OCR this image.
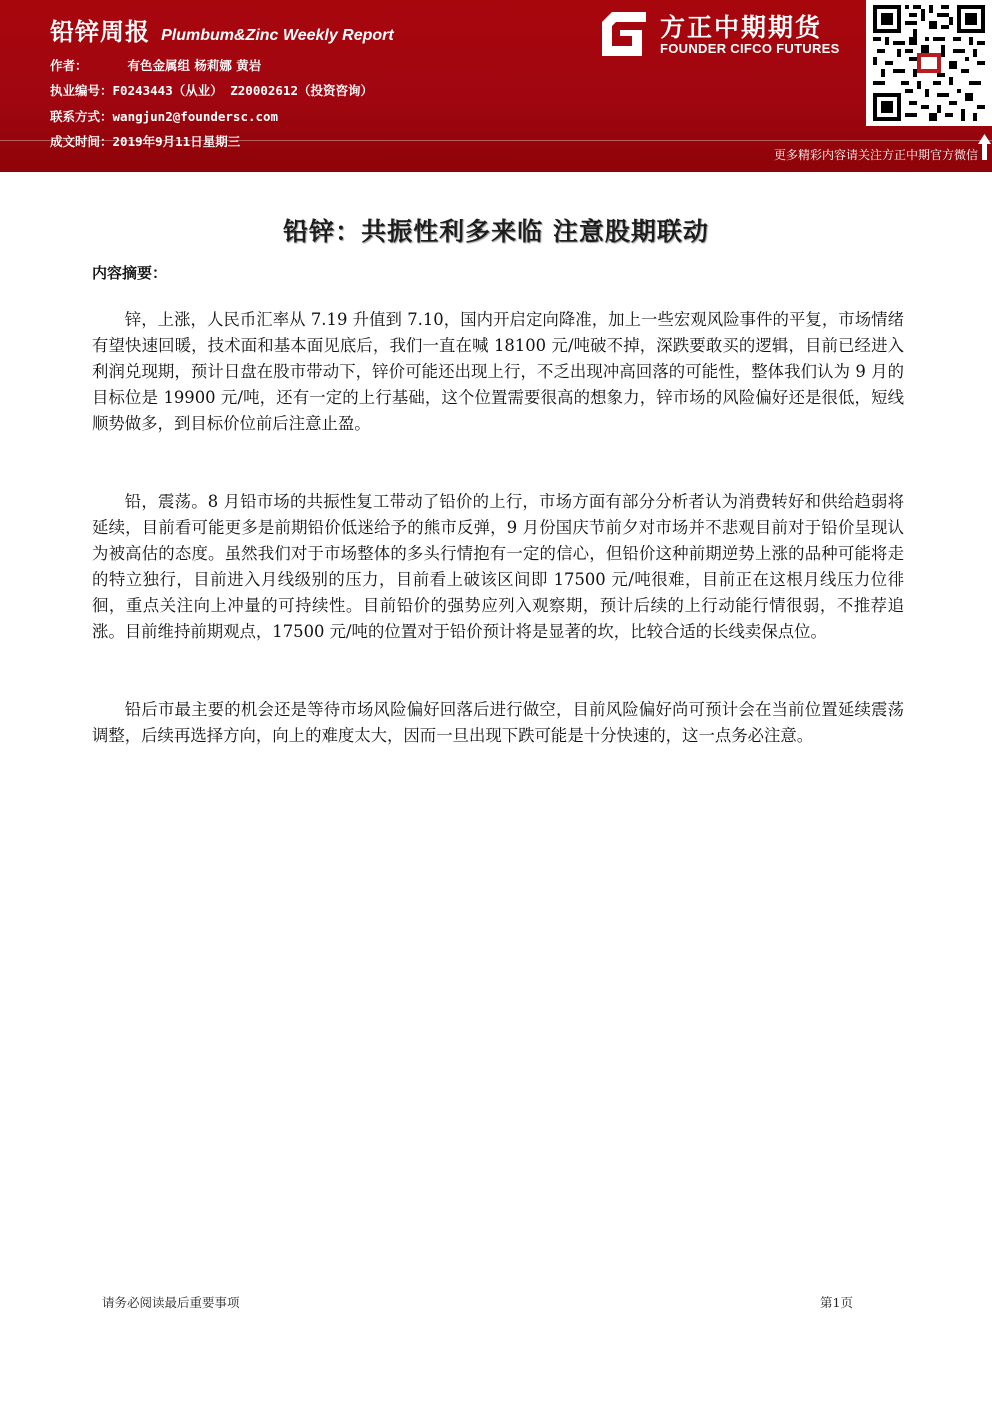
铅锌周报 Plumbum&Zinc Weekly Report
作者：	有色金属组 杨莉娜 黄岩
执业编号：F0243443（从业） Z20002612（投资咨询）
联系方式：wangjun2@foundersc.com
成文时间：2019年9月11日星期三
方正中期期货
FOUNDER CIFCO FUTURES
更多精彩内容请关注方正中期官方微信
铅锌：共振性利多来临 注意股期联动
内容摘要：

锌，上涨，人民币汇率从 7.19 升值到 7.10，国内开启定向降准，加上一些宏观风险事件的平复，市场情绪有望快速回暖，技术面和基本面见底后，我们一直在喊 18100 元/吨破不掉，深跌要敢买的逻辑，目前已经进入利润兑现期，预计日盘在股市带动下，锌价可能还出现上行，不乏出现冲高回落的可能性，整体我们认为 9 月的目标位是 19900 元/吨，还有一定的上行基础，这个位置需要很高的想象力，锌市场的风险偏好还是很低，短线顺势做多，到目标价位前后注意止盈。

铅，震荡。8 月铅市场的共振性复工带动了铅价的上行，市场方面有部分分析者认为消费转好和供给趋弱将延续，目前看可能更多是前期铅价低迷给予的熊市反弹，9 月份国庆节前夕对市场并不悲观目前对于铅价呈现认为被高估的态度。虽然我们对于市场整体的多头行情抱有一定的信心，但铅价这种前期逆势上涨的品种可能将走的特立独行，目前进入月线级别的压力，目前看上破该区间即 17500 元/吨很难，目前正在这根月线压力位徘徊，重点关注向上冲量的可持续性。目前铅价的强势应列入观察期，预计后续的上行动能行情很弱，不推荐追涨。目前维持前期观点，17500 元/吨的位置对于铅价预计将是显著的坎，比较合适的长线卖保点位。

铅后市最主要的机会还是等待市场风险偏好回落后进行做空，目前风险偏好尚可预计会在当前位置延续震荡调整，后续再选择方向，向上的难度太大，因而一旦出现下跌可能是十分快速的，这一点务必注意。

请务必阅读最后重要事项	第1页
